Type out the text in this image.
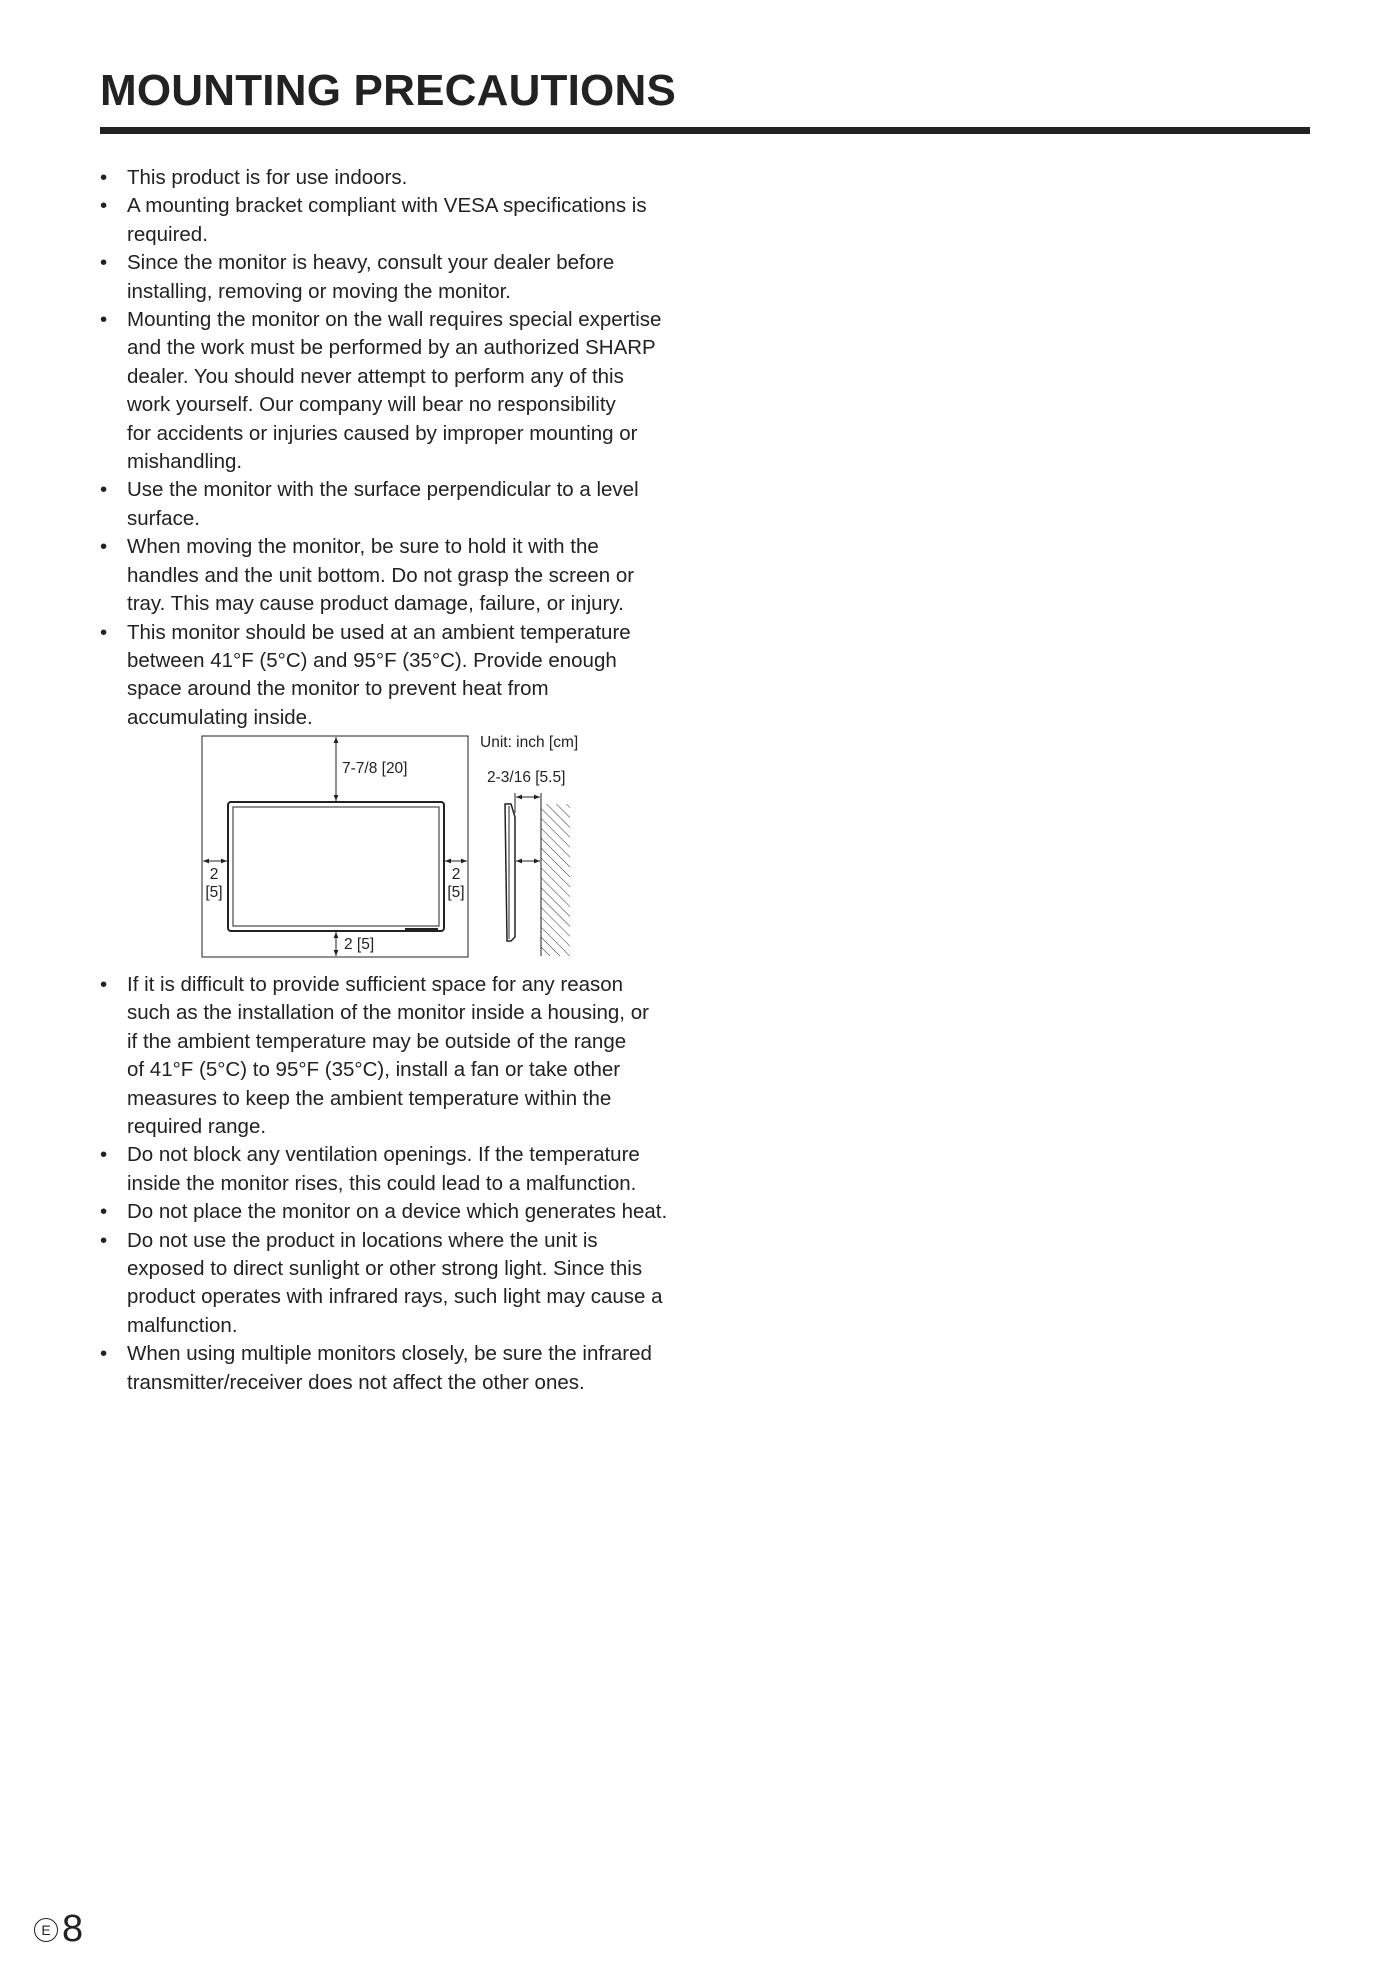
MOUNTING PRECAUTIONS
• This product is for use indoors.
• A mounting bracket compliant with VESA specifications is
required.
• Since the monitor is heavy, consult your dealer before
installing, removing or moving the monitor.
• Mounting the monitor on the wall requires special expertise
and the work must be performed by an authorized SHARP
dealer. You should never attempt to perform any of this
work yourself. Our company will bear no responsibility
for accidents or injuries caused by improper mounting or
mishandling.
• Use the monitor with the surface perpendicular to a level
surface.
• When moving the monitor, be sure to hold it with the
handles and the unit bottom. Do not grasp the screen or
tray. This may cause product damage, failure, or injury.
• This monitor should be used at an ambient temperature
between 41°F (5°C) and 95°F (35°C). Provide enough
space around the monitor to prevent heat from
accumulating inside.
7-7/8 [20]
2
[5]
2
[5]
2 [5]
Unit: inch [cm]
2-3/16 [5.5]
• If it is difficult to provide sufficient space for any reason
such as the installation of the monitor inside a housing, or
if the ambient temperature may be outside of the range
of 41°F (5°C) to 95°F (35°C), install a fan or take other
measures to keep the ambient temperature within the
required range.
• Do not block any ventilation openings. If the temperature
inside the monitor rises, this could lead to a malfunction.
• Do not place the monitor on a device which generates heat.
• Do not use the product in locations where the unit is
exposed to direct sunlight or other strong light. Since this
product operates with infrared rays, such light may cause a
malfunction.
• When using multiple monitors closely, be sure the infrared
transmitter/receiver does not affect the other ones.
E 8
